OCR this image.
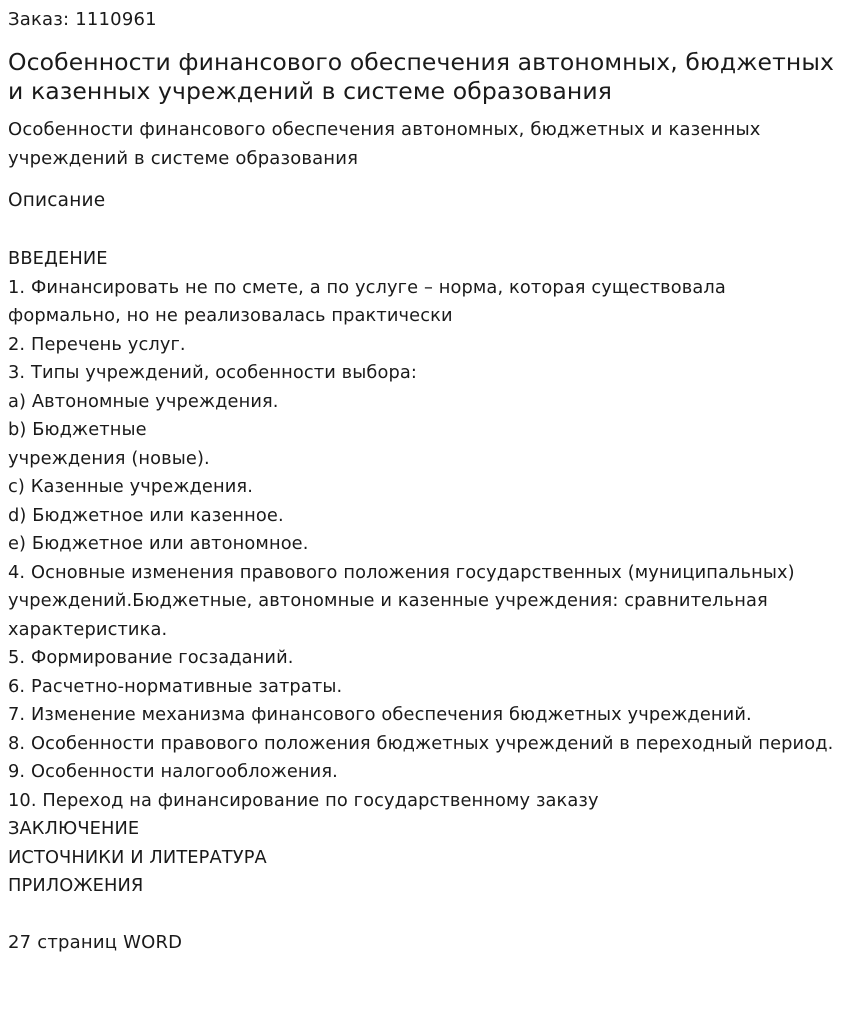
Заказ: 1110961
Особенности финансового обеспечения автономных, бюджетных и казенных учреждений в системе образования
Особенности финансового обеспечения автономных, бюджетных и казенных учреждений в системе образования
Описание
ВВЕДЕНИЕ
1. Финансировать не по смете, а по услуге – норма, которая существовала формально, но не реализовалась практически
2. Перечень услуг.
3. Типы учреждений, особенности выбора:
a) Автономные учреждения.
b) Бюджетные
учреждения (новые).
c) Казенные учреждения.
d) Бюджетное или казенное.
e) Бюджетное или автономное.
4. Основные изменения правового положения государственных (муниципальных) учреждений.Бюджетные, автономные и казенные учреждения: сравнительная характеристика.
5. Формирование госзаданий.
6. Расчетно-нормативные затраты.
7. Изменение механизма финансового обеспечения бюджетных учреждений.
8. Особенности правового положения бюджетных учреждений в переходный период.
9. Особенности налогообложения.
10. Переход на финансирование по государственному заказу
ЗАКЛЮЧЕНИЕ
ИСТОЧНИКИ И ЛИТЕРАТУРА
ПРИЛОЖЕНИЯ
27 страниц WORD
